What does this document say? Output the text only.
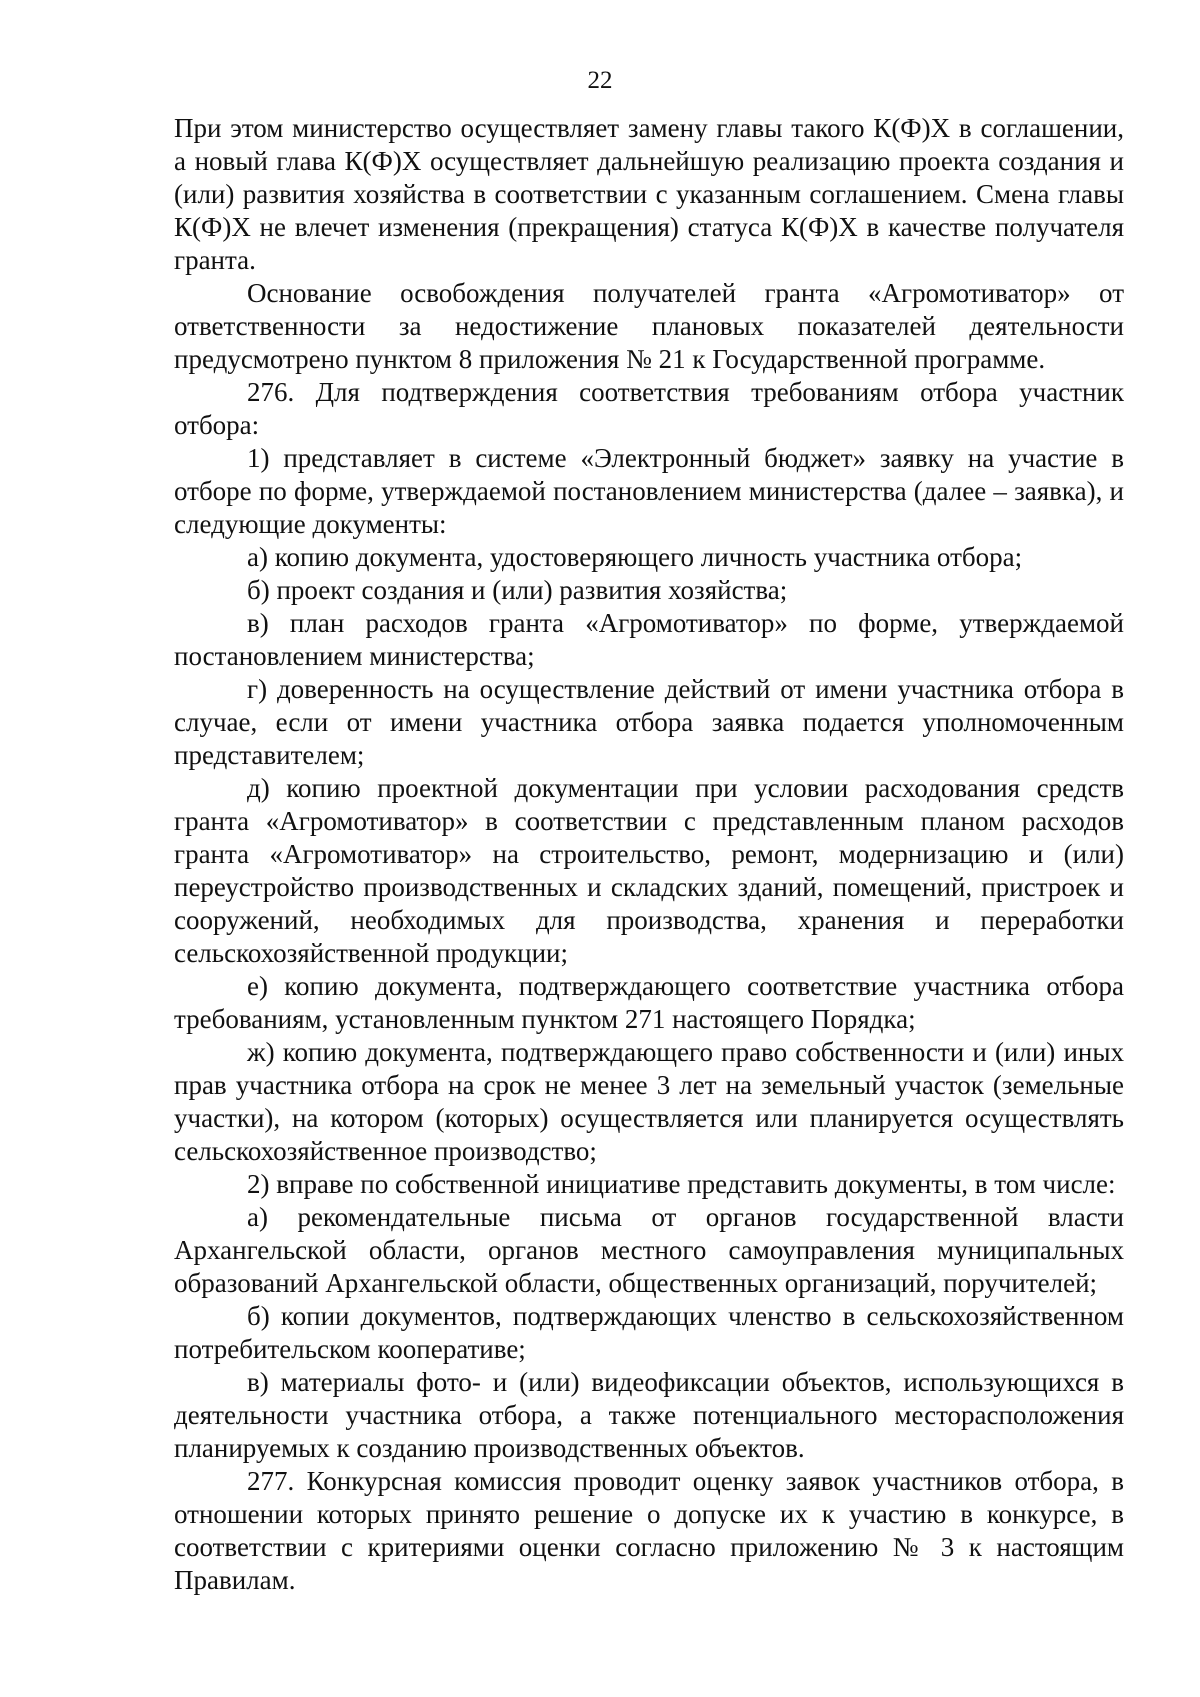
22

При этом министерство осуществляет замену главы такого К(Ф)Х в соглашении, а новый глава К(Ф)Х осуществляет дальнейшую реализацию проекта создания и (или) развития хозяйства в соответствии с указанным соглашением. Смена главы К(Ф)Х не влечет изменения (прекращения) статуса К(Ф)Х в качестве получателя гранта.

Основание освобождения получателей гранта «Агромотиватор» от ответственности за недостижение плановых показателей деятельности предусмотрено пунктом 8 приложения № 21 к Государственной программе.

276. Для подтверждения соответствия требованиям отбора участник отбора:

1) представляет в системе «Электронный бюджет» заявку на участие в отборе по форме, утверждаемой постановлением министерства (далее – заявка), и следующие документы:

а) копию документа, удостоверяющего личность участника отбора;

б) проект создания и (или) развития хозяйства;

в) план расходов гранта «Агромотиватор» по форме, утверждаемой постановлением министерства;

г) доверенность на осуществление действий от имени участника отбора в случае, если от имени участника отбора заявка подается уполномоченным представителем;

д) копию проектной документации при условии расходования средств гранта «Агромотиватор» в соответствии с представленным планом расходов гранта «Агромотиватор» на строительство, ремонт, модернизацию и (или) переустройство производственных и складских зданий, помещений, пристроек и сооружений, необходимых для производства, хранения и переработки сельскохозяйственной продукции;

е) копию документа, подтверждающего соответствие участника отбора требованиям, установленным пунктом 271 настоящего Порядка;

ж) копию документа, подтверждающего право собственности и (или) иных прав участника отбора на срок не менее 3 лет на земельный участок (земельные участки), на котором (которых) осуществляется или планируется осуществлять сельскохозяйственное производство;

2) вправе по собственной инициативе представить документы, в том числе:

а) рекомендательные письма от органов государственной власти Архангельской области, органов местного самоуправления муниципальных образований Архангельской области, общественных организаций, поручителей;

б) копии документов, подтверждающих членство в сельскохозяйственном потребительском кооперативе;

в) материалы фото- и (или) видеофиксации объектов, использующихся в деятельности участника отбора, а также потенциального месторасположения планируемых к созданию производственных объектов.

277. Конкурсная комиссия проводит оценку заявок участников отбора, в отношении которых принято решение о допуске их к участию в конкурсе, в соответствии с критериями оценки согласно приложению № 3 к настоящим Правилам.
